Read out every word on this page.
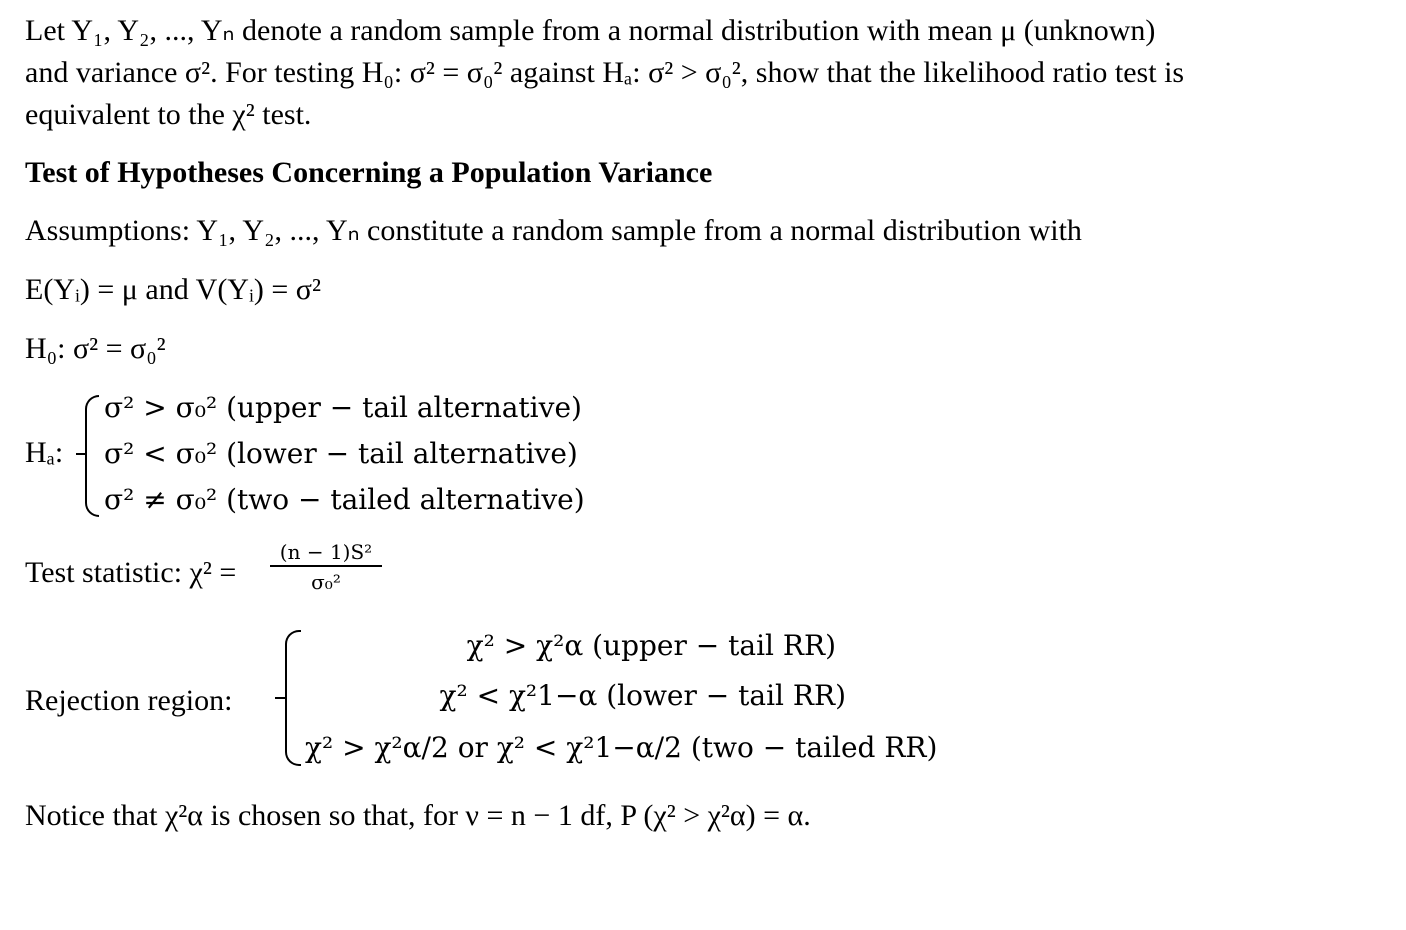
Let Y₁, Y₂, ..., Yₙ denote a random sample from a normal distribution with mean μ (unknown)
and variance σ². For testing H₀: σ² = σ₀² against Hₐ: σ² > σ₀², show that the likelihood ratio test is
equivalent to the χ² test.
Test of Hypotheses Concerning a Population Variance
Assumptions: Y₁, Y₂, ..., Yₙ constitute a random sample from a normal distribution with
E(Yᵢ) = μ and V(Yᵢ) = σ²
H₀: σ² = σ₀²
Hₐ:
σ² > σ₀² (upper − tail alternative)
σ² < σ₀² (lower − tail alternative)
σ² ≠ σ₀² (two − tailed alternative)
Test statistic: $\chi^2 = \frac{\text{(n − 1)S²}}{\text{σ₀²}}$
Rejection region:
χ² > χ²α (upper − tail RR)
χ² < χ²1−α (lower − tail RR)
χ² > χ²α/2 or χ² < χ²1−α/2 (two − tailed RR)
Notice that χ²α is chosen so that, for ν = n − 1 df, P (χ² > χ²α) = α.
